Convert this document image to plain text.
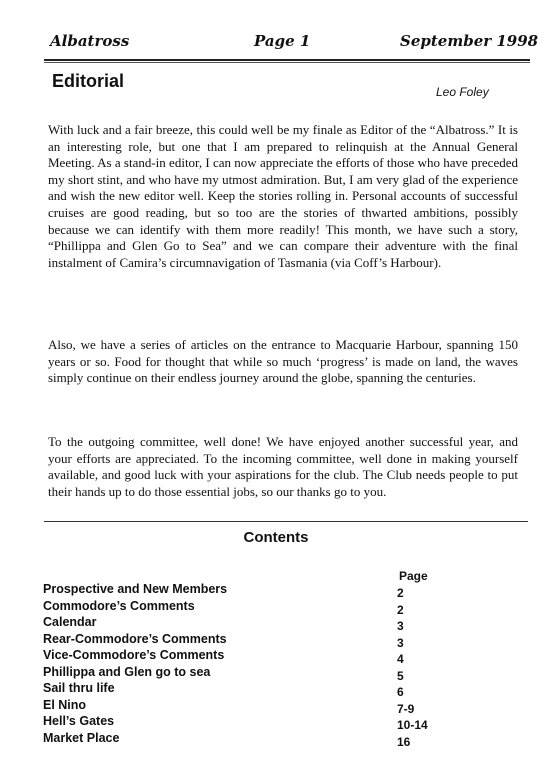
Albatross	Page 1	September 1998
Editorial
Leo Foley

With luck and a fair breeze, this could well be my finale as Editor of the “Albatross.” It is an interesting role, but one that I am prepared to relinquish at the Annual General Meeting. As a stand-in editor, I can now appreciate the efforts of those who have preceded my short stint, and who have my utmost admiration. But, I am very glad of the experience and wish the new editor well. Keep the stories rolling in. Personal accounts of successful cruises are good reading, but so too are the stories of thwarted ambitions, possibly because we can identify with them more readily! This month, we have such a story, “Phillippa and Glen Go to Sea” and we can compare their adventure with the final instalment of Camira’s circumnavigation of Tasmania (via Coff’s Harbour).

Also, we have a series of articles on the entrance to Macquarie Harbour, spanning 150 years or so. Food for thought that while so much ‘progress’ is made on land, the waves simply continue on their endless journey around the globe, spanning the centuries.

To the outgoing committee, well done! We have enjoyed another successful year, and your efforts are appreciated. To the incoming committee, well done in making yourself available, and good luck with your aspirations for the club. The Club needs people to put their hands up to do those essential jobs, so our thanks go to you.

Contents
Page
Prospective and New Members	2
Commodore’s Comments	2
Calendar	3
Rear-Commodore’s Comments	3
Vice-Commodore’s Comments	4
Phillippa and Glen go to sea	5
Sail thru life	6
El Nino	7-9
Hell’s Gates	10-14
Market Place	16
